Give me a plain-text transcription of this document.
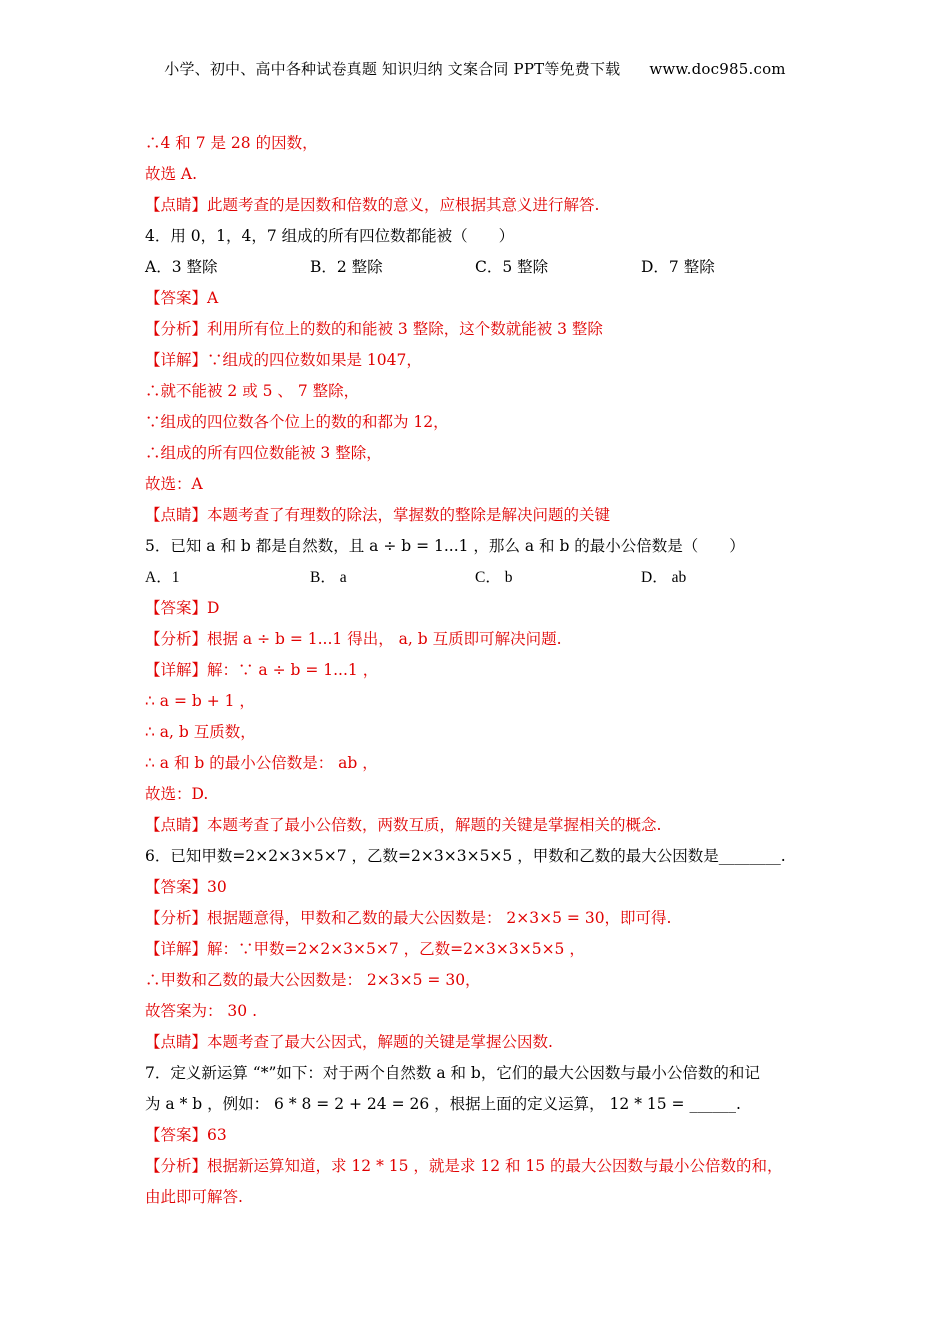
小学、初中、高中各种试卷真题 知识归纳 文案合同 PPT等免费下载 www.doc985.com
∴4 和 7 是 28 的因数，
故选 A.
【点睛】此题考查的是因数和倍数的意义，应根据其意义进行解答.
4．用 0，1，4，7 组成的所有四位数都能被（　　）
A．3 整除	B．2 整除	C．5 整除	D．7 整除
【答案】A
【分析】利用所有位上的数的和能被 3 整除，这个数就能被 3 整除
【详解】∵组成的四位数如果是 1047，
∴就不能被 2 或 5 、 7 整除，
∵组成的四位数各个位上的数的和都为 12，
∴组成的所有四位数能被 3 整除，
故选：A
【点睛】本题考查了有理数的除法，掌握数的整除是解决问题的关键
5．已知 a 和 b 都是自然数，且 a ÷ b = 1...1 ，那么 a 和 b 的最小公倍数是（　　）
A．1	B． a	C． b	D． ab
【答案】D
【分析】根据 a ÷ b = 1...1 得出， a, b 互质即可解决问题.
【详解】解：∵ a ÷ b = 1...1 ，
∴ a = b + 1 ，
∴ a, b 互质数，
∴ a 和 b 的最小公倍数是： ab ，
故选：D.
【点睛】本题考查了最小公倍数，两数互质，解题的关键是掌握相关的概念.
6．已知甲数=2×2×3×5×7 ，乙数=2×3×3×5×5 ，甲数和乙数的最大公因数是________.
【答案】30
【分析】根据题意得，甲数和乙数的最大公因数是： 2×3×5 = 30，即可得.
【详解】解：∵甲数=2×2×3×5×7 ，乙数=2×3×3×5×5 ，
∴甲数和乙数的最大公因数是： 2×3×5 = 30，
故答案为： 30 .
【点睛】本题考查了最大公因式，解题的关键是掌握公因数.
7．定义新运算 “*”如下：对于两个自然数 a 和 b，它们的最大公因数与最小公倍数的和记
为 a * b ，例如： 6 * 8 = 2 + 24 = 26 ，根据上面的定义运算， 12 * 15 = ______.
【答案】63
【分析】根据新运算知道，求 12 * 15 ，就是求 12 和 15 的最大公因数与最小公倍数的和，
由此即可解答.
